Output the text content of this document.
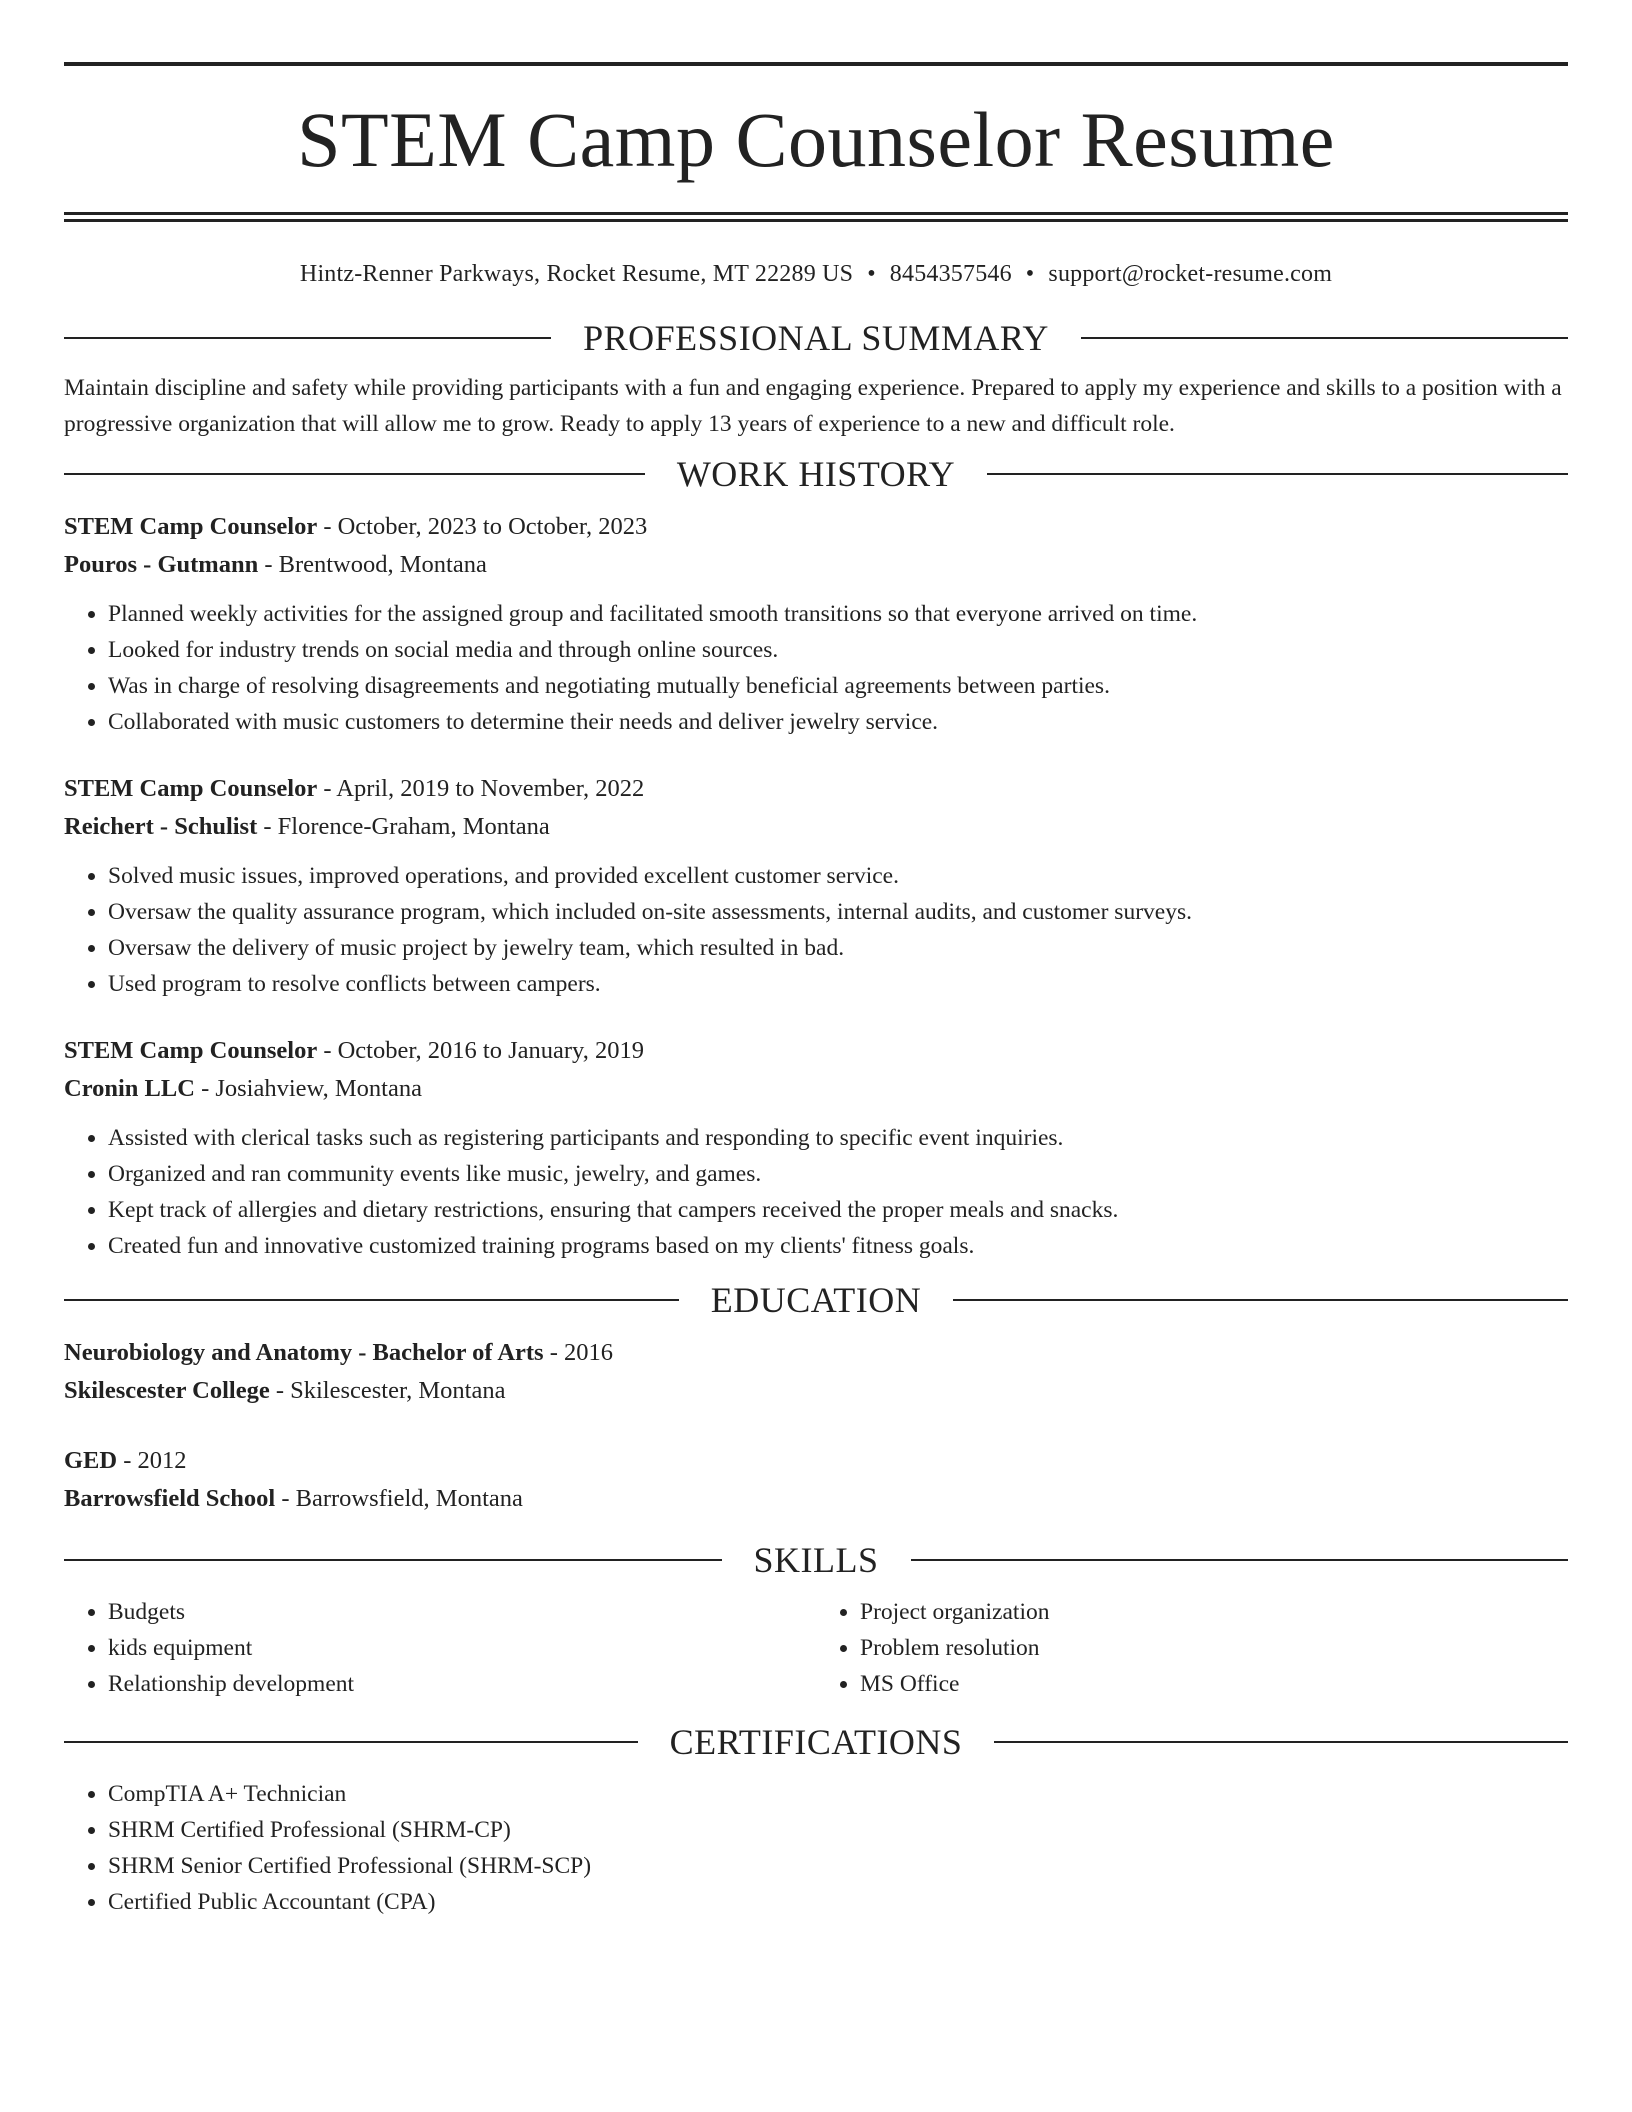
STEM Camp Counselor Resume
Hintz-Renner Parkways, Rocket Resume, MT 22289 US • 8454357546 • support@rocket-resume.com
PROFESSIONAL SUMMARY

Maintain discipline and safety while providing participants with a fun and engaging experience. Prepared to apply my experience and skills to a position with a progressive organization that will allow me to grow. Ready to apply 13 years of experience to a new and difficult role.

WORK HISTORY

STEM Camp Counselor - October, 2023 to October, 2023

Pouros - Gutmann - Brentwood, Montana

• Planned weekly activities for the assigned group and facilitated smooth transitions so that everyone arrived on time.
• Looked for industry trends on social media and through online sources.
• Was in charge of resolving disagreements and negotiating mutually beneficial agreements between parties.
• Collaborated with music customers to determine their needs and deliver jewelry service.

STEM Camp Counselor - April, 2019 to November, 2022

Reichert - Schulist - Florence-Graham, Montana

• Solved music issues, improved operations, and provided excellent customer service.
• Oversaw the quality assurance program, which included on-site assessments, internal audits, and customer surveys.
• Oversaw the delivery of music project by jewelry team, which resulted in bad.
• Used program to resolve conflicts between campers.

STEM Camp Counselor - October, 2016 to January, 2019

Cronin LLC - Josiahview, Montana

• Assisted with clerical tasks such as registering participants and responding to specific event inquiries.
• Organized and ran community events like music, jewelry, and games.
• Kept track of allergies and dietary restrictions, ensuring that campers received the proper meals and snacks.
• Created fun and innovative customized training programs based on my clients' fitness goals.
EDUCATION

Neurobiology and Anatomy - Bachelor of Arts - 2016

Skilescester College - Skilescester, Montana

GED - 2012

Barrowsfield School - Barrowsfield, Montana

SKILLS
• Budgets
• kids equipment
• Relationship development
• Project organization
• Problem resolution
• MS Office
CERTIFICATIONS
• CompTIA A+ Technician
• SHRM Certified Professional (SHRM-CP)
• SHRM Senior Certified Professional (SHRM-SCP)
• Certified Public Accountant (CPA)
